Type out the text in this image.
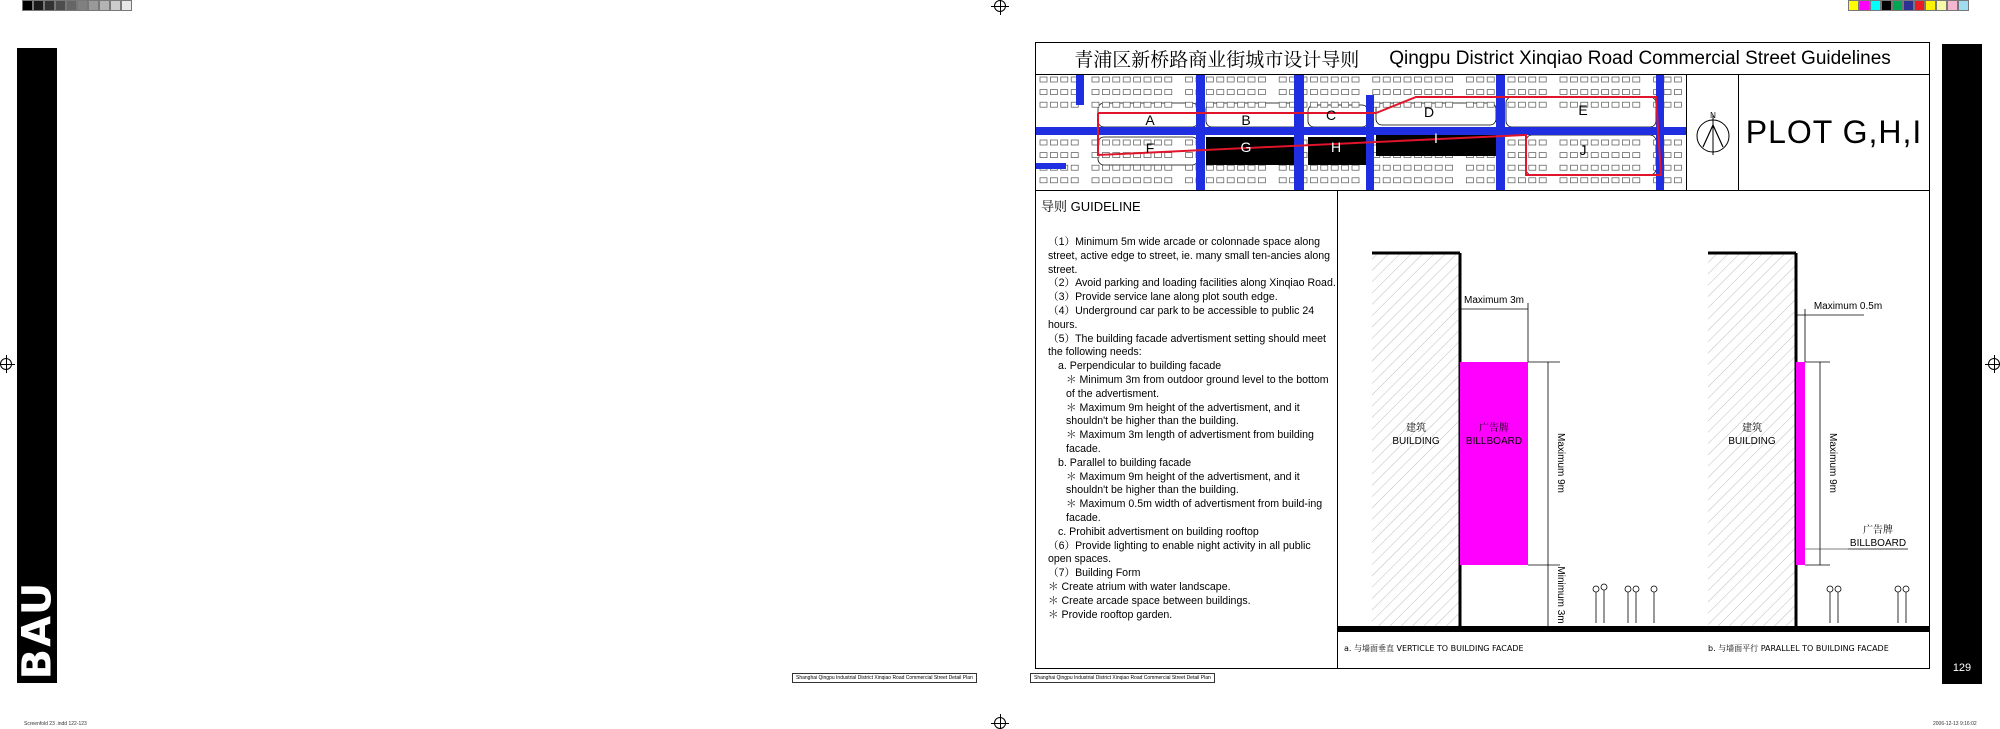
BAU	129
Shanghai Qingpu Industrial District Xinqiao Road Commercial Street Detail Plan	Shanghai Qingpu Industrial District Xinqiao Road Commercial Street Detail Plan
Screenfold 23 .indd 122-123	2006-12-13 9:16:02
青浦区新桥路商业街城市设计导则 Qingpu District Xinqiao Road Commercial Street Guidelines
A	B	C	D	E
F	G	H
I
J
N PLOT G,H,I
导则 GUIDELINE
（1）Minimum 5m wide arcade or colonnade space along street, active edge to street, ie. many small ten-ancies along street.
（2）Avoid parking and loading facilities along Xinqiao Road.
（3）Provide service lane along plot south edge.
（4）Underground car park to be accessible to public 24 hours.
（5）The building facade advertisment setting should meet the following needs:
a. Perpendicular to building facade
＊ Minimum 3m from outdoor ground level to the bottom of the advertisment.
＊ Maximum 9m height of the advertisment, and it shouldn't be higher than the building.
＊ Maximum 3m length of advertisment from building facade.
b. Parallel to building facade
＊ Maximum 9m height of the advertisment, and it shouldn't be higher than the building.
＊ Maximum 0.5m width of advertisment from build-ing facade.
c. Prohibit advertisment on building rooftop
（6）Provide lighting to enable night activity in all public open spaces.
（7）Building Form
＊ Create atrium with water landscape.
＊ Create arcade space between buildings.
＊ Provide rooftop garden.
建筑
BUILDING
广告牌
BILLBOARD
Maximum 3m
Maximum 9m
Minimum 3m
a. 与墙面垂直 VERTICLE TO BUILDING FACADE
建筑
BUILDING
广告牌
BILLBOARD
Maximum 0.5m
Maximum 9m
b. 与墙面平行 PARALLEL TO BUILDING FACADE
